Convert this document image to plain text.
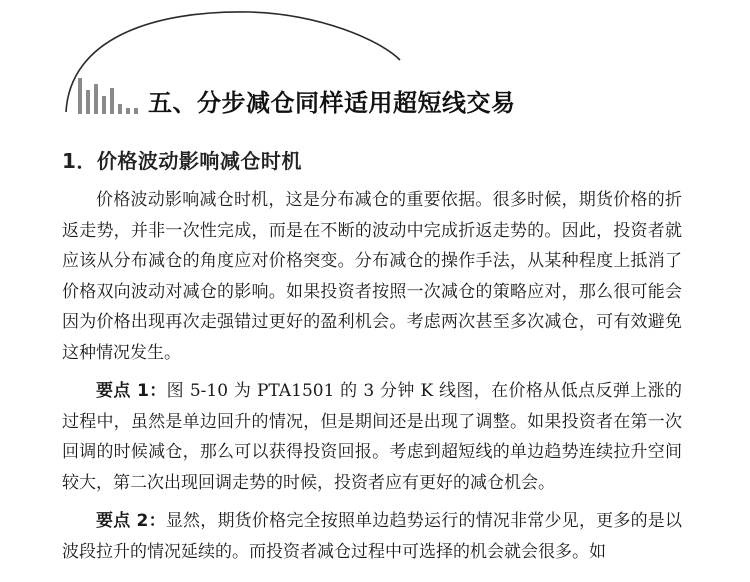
五、分步减仓同样适用超短线交易
1．价格波动影响减仓时机

价格波动影响减仓时机，这是分布减仓的重要依据。很多时候，期货价格的折返走势，并非一次性完成，而是在不断的波动中完成折返走势的。因此，投资者就应该从分布减仓的角度应对价格突变。分布减仓的操作手法，从某种程度上抵消了价格双向波动对减仓的影响。如果投资者按照一次减仓的策略应对，那么很可能会因为价格出现再次走强错过更好的盈利机会。考虑两次甚至多次减仓，可有效避免这种情况发生。

要点 1：图 5-10 为 PTA1501 的 3 分钟 K 线图，在价格从低点反弹上涨的过程中，虽然是单边回升的情况，但是期间还是出现了调整。如果投资者在第一次回调的时候减仓，那么可以获得投资回报。考虑到超短线的单边趋势连续拉升空间较大，第二次出现回调走势的时候，投资者应有更好的减仓机会。

要点 2：显然，期货价格完全按照单边趋势运行的情况非常少见，更多的是以波段拉升的情况延续的。而投资者减仓过程中可选择的机会就会很多。如
